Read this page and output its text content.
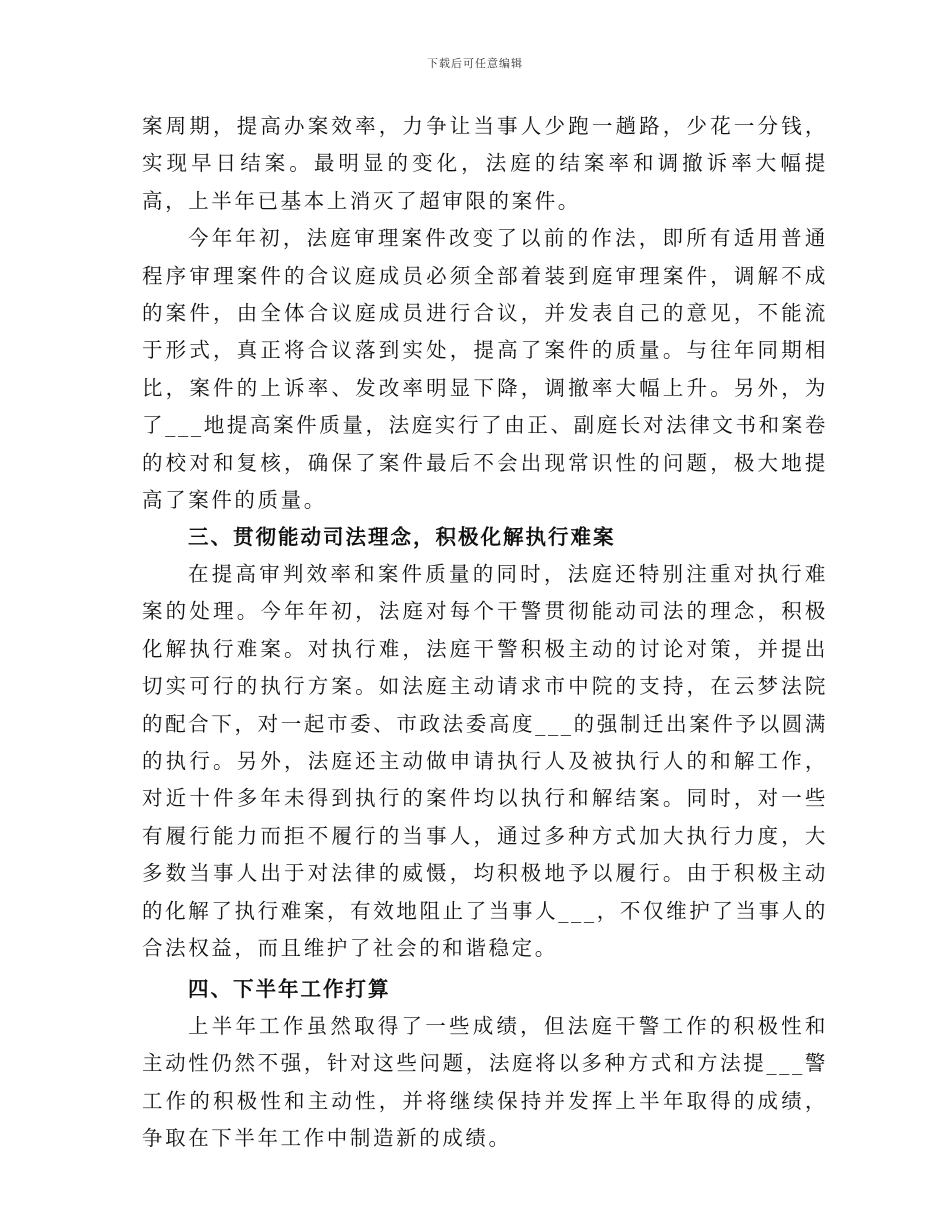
下载后可任意编辑

案周期，提高办案效率，力争让当事人少跑一趟路，少花一分钱，实现早日结案。最明显的变化，法庭的结案率和调撤诉率大幅提高，上半年已基本上消灭了超审限的案件。

今年年初，法庭审理案件改变了以前的作法，即所有适用普通程序审理案件的合议庭成员必须全部着装到庭审理案件，调解不成的案件，由全体合议庭成员进行合议，并发表自己的意见，不能流于形式，真正将合议落到实处，提高了案件的质量。与往年同期相比，案件的上诉率、发改率明显下降，调撤率大幅上升。另外，为了___地提高案件质量，法庭实行了由正、副庭长对法律文书和案卷的校对和复核，确保了案件最后不会出现常识性的问题，极大地提高了案件的质量。

三、贯彻能动司法理念，积极化解执行难案

在提高审判效率和案件质量的同时，法庭还特别注重对执行难案的处理。今年年初，法庭对每个干警贯彻能动司法的理念，积极化解执行难案。对执行难，法庭干警积极主动的讨论对策，并提出切实可行的执行方案。如法庭主动请求市中院的支持，在云梦法院的配合下，对一起市委、市政法委高度___的强制迁出案件予以圆满的执行。另外，法庭还主动做申请执行人及被执行人的和解工作，对近十件多年未得到执行的案件均以执行和解结案。同时，对一些有履行能力而拒不履行的当事人，通过多种方式加大执行力度，大多数当事人出于对法律的威慑，均积极地予以履行。由于积极主动的化解了执行难案，有效地阻止了当事人___，不仅维护了当事人的合法权益，而且维护了社会的和谐稳定。

四、下半年工作打算

上半年工作虽然取得了一些成绩，但法庭干警工作的积极性和主动性仍然不强，针对这些问题，法庭将以多种方式和方法提___警工作的积极性和主动性，并将继续保持并发挥上半年取得的成绩，争取在下半年工作中制造新的成绩。
